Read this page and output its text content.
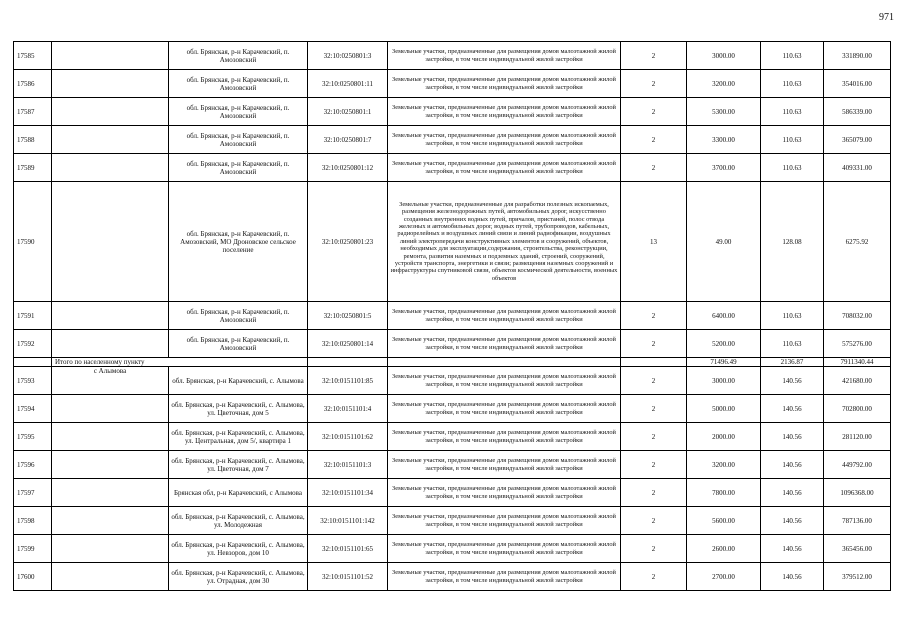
971
17585		обл. Брянская, р-н Карачевский, п. Амозовский	32:10:0250801:3	Земельные участки, предназначенные для размещения домов малоэтажной жилой застройки, в том числе индивидуальной жилой застройки	2	3000.00	110.63	331890.00
17586		обл. Брянская, р-н Карачевский, п. Амозовский	32:10:0250801:11	Земельные участки, предназначенные для размещения домов малоэтажной жилой застройки, в том числе индивидуальной жилой застройки	2	3200.00	110.63	354016.00
17587		обл. Брянская, р-н Карачевский, п. Амозовский	32:10:0250801:1	Земельные участки, предназначенные для размещения домов малоэтажной жилой застройки, в том числе индивидуальной жилой застройки	2	5300.00	110.63	586339.00
17588		обл. Брянская, р-н Карачевский, п. Амозовский	32:10:0250801:7	Земельные участки, предназначенные для размещения домов малоэтажной жилой застройки, в том числе индивидуальной жилой застройки	2	3300.00	110.63	365079.00
17589		обл. Брянская, р-н Карачевский, п. Амозовский	32:10:0250801:12	Земельные участки, предназначенные для размещения домов малоэтажной жилой застройки, в том числе индивидуальной жилой застройки	2	3700.00	110.63	409331.00
17590		обл. Брянская, р-н Карачевский, п. Амозовский, МО Дроновское сельское поселение	32:10:0250801:23	Земельные участки, предназначенные для разработки полезных ископаемых, размещения железнодорожных путей, автомобильных дорог, искусственно созданных внутренних водных путей, причалов, пристаней, полос отвода железных и автомобильных дорог, водных путей, трубопроводов, кабельных, радиорелейных и воздушных линий связи и линий радиофикации, воздушных линий электропередачи конструктивных элементов и сооружений, объектов, необходимых для эксплуатации,содержания, строительства, реконструкции, ремонта, развития наземных и подземных зданий, строений, сооружений, устройств транспорта, энергетики и связи; размещения наземных сооружений и инфраструктуры спутниковой связи, объектов космической деятельности, военных объектов	13	49.00	128.08	6275.92
17591		обл. Брянская, р-н Карачевский, п. Амозовский	32:10:0250801:5	Земельные участки, предназначенные для размещения домов малоэтажной жилой застройки, в том числе индивидуальной жилой застройки	2	6400.00	110.63	708032.00
17592		обл. Брянская, р-н Карачевский, п. Амозовский	32:10:0250801:14	Земельные участки, предназначенные для размещения домов малоэтажной жилой застройки, в том числе индивидуальной жилой застройки	2	5200.00	110.63	575276.00
	Итого по населенному пункту					71496.49	2136.87	7911340.44
17593	с Алымова	обл. Брянская, р-н Карачевский, с. Алымова	32:10:0151101:85	Земельные участки, предназначенные для размещения домов малоэтажной жилой застройки, в том числе индивидуальной жилой застройки	2	3000.00	140.56	421680.00
17594		обл. Брянская, р-н Карачевский, с. Алымова, ул. Цветочная, дом 5	32:10:0151101:4	Земельные участки, предназначенные для размещения домов малоэтажной жилой застройки, в том числе индивидуальной жилой застройки	2	5000.00	140.56	702800.00
17595		обл. Брянская, р-н Карачевский, с. Алымова, ул. Центральная, дом 5/, квартира 1	32:10:0151101:62	Земельные участки, предназначенные для размещения домов малоэтажной жилой застройки, в том числе индивидуальной жилой застройки	2	2000.00	140.56	281120.00
17596		обл. Брянская, р-н Карачевский, с. Алымова, ул. Цветочная, дом 7	32:10:0151101:3	Земельные участки, предназначенные для размещения домов малоэтажной жилой застройки, в том числе индивидуальной жилой застройки	2	3200.00	140.56	449792.00
17597		Брянская обл, р-н Карачевский, с Алымова	32:10:0151101:34	Земельные участки, предназначенные для размещения домов малоэтажной жилой застройки, в том числе индивидуальной жилой застройки	2	7800.00	140.56	1096368.00
17598		обл. Брянская, р-н Карачевский, с. Алымова, ул. Молодежная	32:10:0151101:142	Земельные участки, предназначенные для размещения домов малоэтажной жилой застройки, в том числе индивидуальной жилой застройки	2	5600.00	140.56	787136.00
17599		обл. Брянская, р-н Карачевский, с. Алымова, ул. Невзоров, дом 10	32:10:0151101:65	Земельные участки, предназначенные для размещения домов малоэтажной жилой застройки, в том числе индивидуальной жилой застройки	2	2600.00	140.56	365456.00
17600		обл. Брянская, р-н Карачевский, с. Алымова, ул. Отрадная, дом 30	32:10:0151101:52	Земельные участки, предназначенные для размещения домов малоэтажной жилой застройки, в том числе индивидуальной жилой застройки	2	2700.00	140.56	379512.00
